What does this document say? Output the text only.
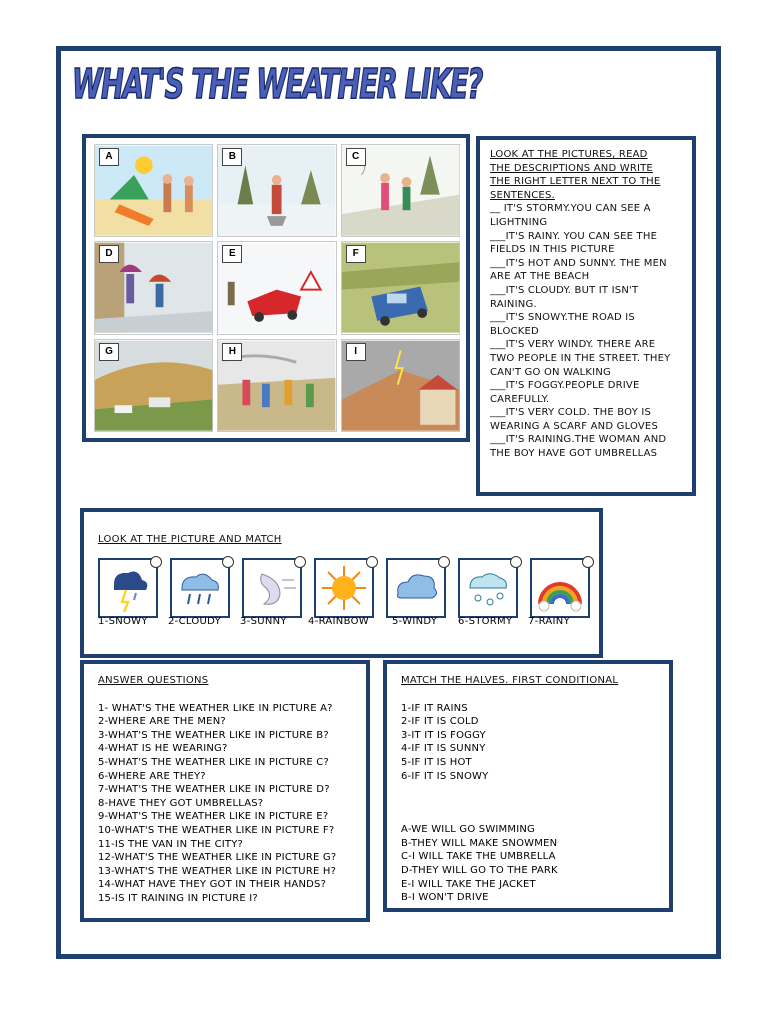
WHAT'S THE WEATHER LIKE?
A	B	C
D	E	F
G	H	I
LOOK AT THE PICTURES, READ
THE DESCRIPTIONS AND WRITE
THE RIGHT LETTER NEXT TO THE
SENTENCES.
__ IT'S STORMY.YOU CAN SEE A
LIGHTNING
___IT'S RAINY. YOU CAN SEE THE
FIELDS IN THIS PICTURE
___IT'S HOT AND SUNNY. THE MEN
ARE AT THE BEACH
___IT'S CLOUDY. BUT IT ISN'T
RAINING.
___IT'S SNOWY.THE ROAD IS
BLOCKED
___IT'S VERY WINDY. THERE ARE
TWO PEOPLE IN THE STREET. THEY
CAN'T GO ON WALKING
___IT'S FOGGY.PEOPLE DRIVE
CAREFULLY.
___IT'S VERY COLD. THE BOY IS
WEARING A SCARF AND GLOVES
___IT'S RAINING.THE WOMAN AND
THE BOY HAVE GOT UMBRELLAS
LOOK AT THE PICTURE AND MATCH
1-SNOWY	2-CLOUDY	3-SUNNY	4-RAINBOW	5-WINDY	6-STORMY	7-RAINY
ANSWER QUESTIONS
1- WHAT'S THE WEATHER LIKE IN PICTURE A?
2-WHERE ARE THE MEN?
3-WHAT'S THE WEATHER LIKE IN PICTURE B?
4-WHAT IS HE WEARING?
5-WHAT'S THE WEATHER LIKE IN PICTURE C?
6-WHERE ARE THEY?
7-WHAT'S THE WEATHER LIKE IN PICTURE D?
8-HAVE THEY GOT UMBRELLAS?
9-WHAT'S THE WEATHER LIKE IN PICTURE E?
10-WHAT'S THE WEATHER LIKE IN PICTURE F?
11-IS THE VAN IN THE CITY?
12-WHAT'S THE WEATHER LIKE IN PICTURE G?
13-WHAT'S THE WEATHER LIKE IN PICTURE H?
14-WHAT HAVE THEY GOT IN THEIR HANDS?
15-IS IT RAINING IN PICTURE I?
MATCH THE HALVES. FIRST CONDITIONAL
1-IF IT RAINS
2-IF IT IS COLD
3-IT IT IS FOGGY
4-IF IT IS SUNNY
5-IF IT IS HOT
6-IF IT IS SNOWY
A-WE WILL GO SWIMMING
B-THEY WILL MAKE SNOWMEN
C-I WILL TAKE THE UMBRELLA
D-THEY WILL GO TO THE PARK
E-I WILL TAKE THE JACKET
B-I WON'T DRIVE
